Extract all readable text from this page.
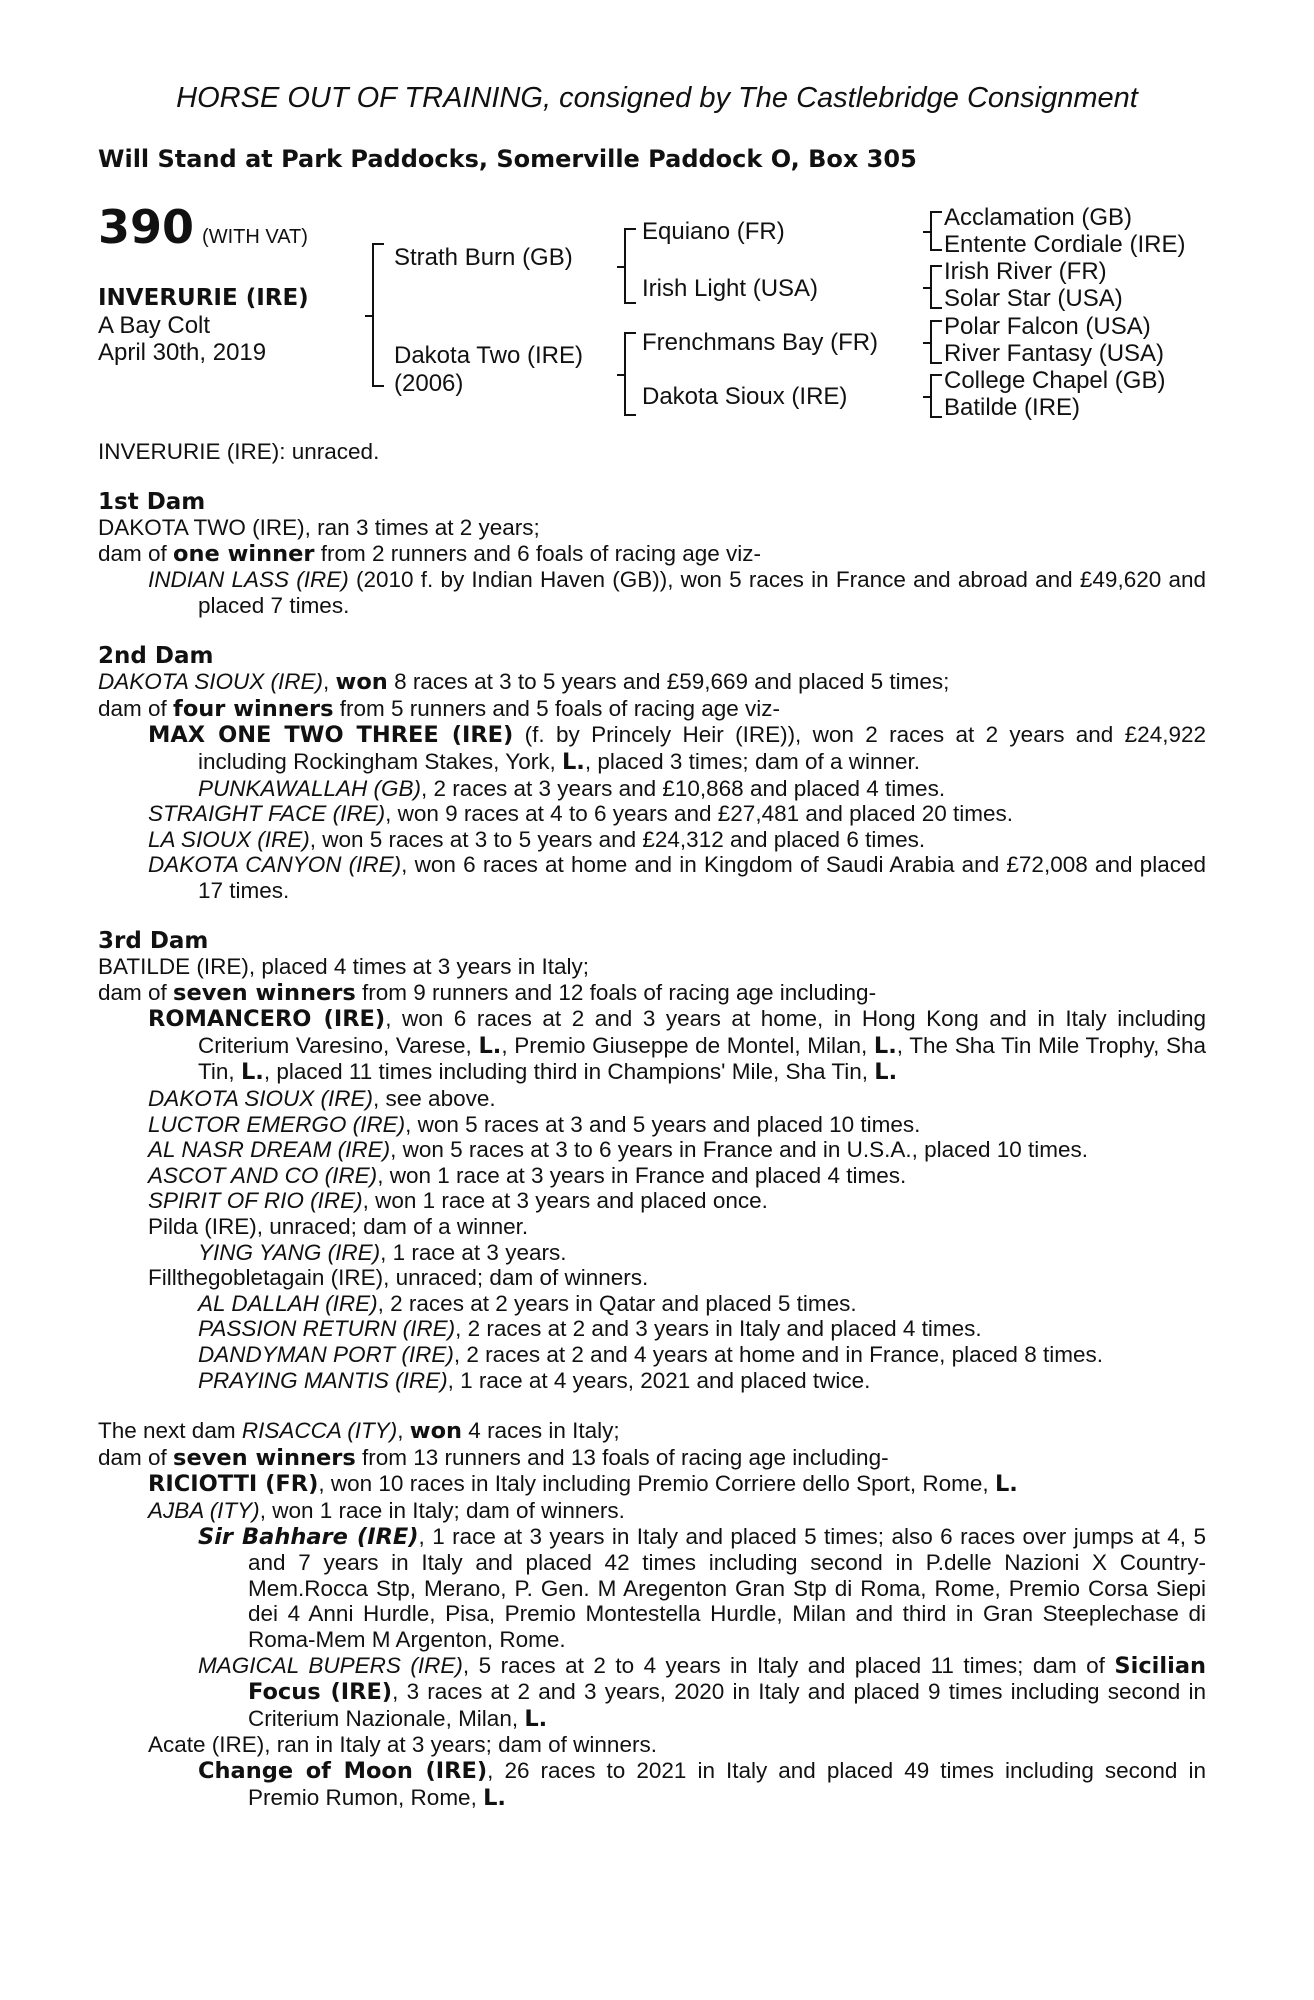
HORSE OUT OF TRAINING, consigned by The Castlebridge Consignment
Will Stand at Park Paddocks, Somerville Paddock O, Box 305
390 (WITH VAT)
INVERURIE (IRE)
A Bay Colt
April 30th, 2019
Strath Burn (GB)
Dakota Two (IRE)
(2006)
Equiano (FR)
Irish Light (USA)
Frenchmans Bay (FR)
Dakota Sioux (IRE)
Acclamation (GB)
Entente Cordiale (IRE)
Irish River (FR)
Solar Star (USA)
Polar Falcon (USA)
River Fantasy (USA)
College Chapel (GB)
Batilde (IRE)

INVERURIE (IRE): unraced.

1st Dam

DAKOTA TWO (IRE), ran 3 times at 2 years;

dam of one winner from 2 runners and 6 foals of racing age viz-

INDIAN LASS (IRE) (2010 f. by Indian Haven (GB)), won 5 races in France and abroad and £49,620 and placed 7 times.

2nd Dam

DAKOTA SIOUX (IRE), won 8 races at 3 to 5 years and £59,669 and placed 5 times;

dam of four winners from 5 runners and 5 foals of racing age viz-

MAX ONE TWO THREE (IRE) (f. by Princely Heir (IRE)), won 2 races at 2 years and £24,922 including Rockingham Stakes, York, L., placed 3 times; dam of a winner.

PUNKAWALLAH (GB), 2 races at 3 years and £10,868 and placed 4 times.

STRAIGHT FACE (IRE), won 9 races at 4 to 6 years and £27,481 and placed 20 times.

LA SIOUX (IRE), won 5 races at 3 to 5 years and £24,312 and placed 6 times.

DAKOTA CANYON (IRE), won 6 races at home and in Kingdom of Saudi Arabia and £72,008 and placed 17 times.

3rd Dam

BATILDE (IRE), placed 4 times at 3 years in Italy;

dam of seven winners from 9 runners and 12 foals of racing age including-

ROMANCERO (IRE), won 6 races at 2 and 3 years at home, in Hong Kong and in Italy including Criterium Varesino, Varese, L., Premio Giuseppe de Montel, Milan, L., The Sha Tin Mile Trophy, Sha Tin, L., placed 11 times including third in Champions' Mile, Sha Tin, L.

DAKOTA SIOUX (IRE), see above.

LUCTOR EMERGO (IRE), won 5 races at 3 and 5 years and placed 10 times.

AL NASR DREAM (IRE), won 5 races at 3 to 6 years in France and in U.S.A., placed 10 times.

ASCOT AND CO (IRE), won 1 race at 3 years in France and placed 4 times.

SPIRIT OF RIO (IRE), won 1 race at 3 years and placed once.

Pilda (IRE), unraced; dam of a winner.

YING YANG (IRE), 1 race at 3 years.

Fillthegobletagain (IRE), unraced; dam of winners.

AL DALLAH (IRE), 2 races at 2 years in Qatar and placed 5 times.

PASSION RETURN (IRE), 2 races at 2 and 3 years in Italy and placed 4 times.

DANDYMAN PORT (IRE), 2 races at 2 and 4 years at home and in France, placed 8 times.

PRAYING MANTIS (IRE), 1 race at 4 years, 2021 and placed twice.

The next dam RISACCA (ITY), won 4 races in Italy;

dam of seven winners from 13 runners and 13 foals of racing age including-

RICIOTTI (FR), won 10 races in Italy including Premio Corriere dello Sport, Rome, L.

AJBA (ITY), won 1 race in Italy; dam of winners.

Sir Bahhare (IRE), 1 race at 3 years in Italy and placed 5 times; also 6 races over jumps at 4, 5 and 7 years in Italy and placed 42 times including second in P.delle Nazioni X Country-Mem.Rocca Stp, Merano, P. Gen. M Aregenton Gran Stp di Roma, Rome, Premio Corsa Siepi dei 4 Anni Hurdle, Pisa, Premio Montestella Hurdle, Milan and third in Gran Steeplechase di Roma-Mem M Argenton, Rome.

MAGICAL BUPERS (IRE), 5 races at 2 to 4 years in Italy and placed 11 times; dam of Sicilian Focus (IRE), 3 races at 2 and 3 years, 2020 in Italy and placed 9 times including second in Criterium Nazionale, Milan, L.

Acate (IRE), ran in Italy at 3 years; dam of winners.

Change of Moon (IRE), 26 races to 2021 in Italy and placed 49 times including second in Premio Rumon, Rome, L.
